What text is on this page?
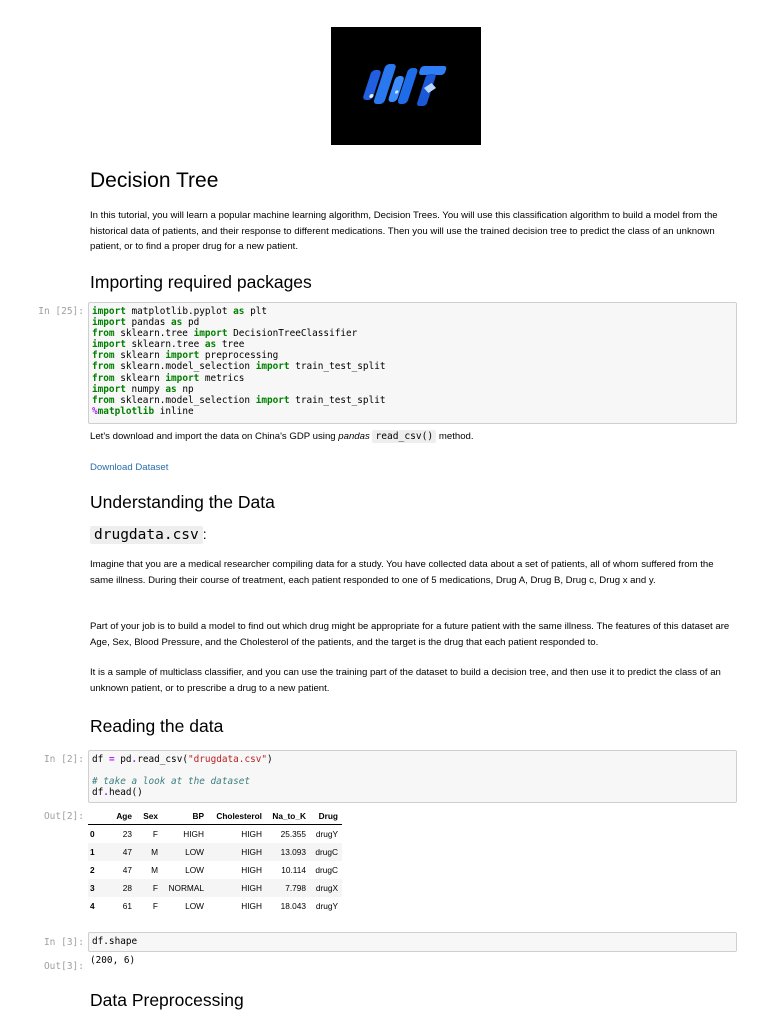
Decision Tree
In this tutorial, you will learn a popular machine learning algorithm, Decision Trees. You will use this classification algorithm to build a model from the historical data of patients, and their response to different medications. Then you will use the trained decision tree to predict the class of an unknown patient, or to find a proper drug for a new patient.
Importing required packages
In [25]: import matplotlib.pyplot as plt
import pandas as pd
from sklearn.tree import DecisionTreeClassifier
import sklearn.tree as tree
from sklearn import preprocessing
from sklearn.model_selection import train_test_split
from sklearn import metrics
import numpy as np
from sklearn.model_selection import train_test_split
%matplotlib inline
Let's download and import the data on China's GDP using pandas read_csv() method.
Download Dataset
Understanding the Data
drugdata.csv :
Imagine that you are a medical researcher compiling data for a study. You have collected data about a set of patients, all of whom suffered from the same illness. During their course of treatment, each patient responded to one of 5 medications, Drug A, Drug B, Drug c, Drug x and y.
Part of your job is to build a model to find out which drug might be appropriate for a future patient with the same illness. The features of this dataset are Age, Sex, Blood Pressure, and the Cholesterol of the patients, and the target is the drug that each patient responded to.
It is a sample of multiclass classifier, and you can use the training part of the dataset to build a decision tree, and then use it to predict the class of an unknown patient, or to prescribe a drug to a new patient.
Reading the data
In [2]: df = pd.read_csv("drugdata.csv")

# take a look at the dataset
df.head()
Out[2]:
		Age	Sex	BP	Cholesterol	Na_to_K	Drug
0	23	F	HIGH	HIGH	25.355	drugY
1	47	M	LOW	HIGH	13.093	drugC
2	47	M	LOW	HIGH	10.114	drugC
3	28	F	NORMAL	HIGH	7.798	drugX
4	61	F	LOW	HIGH	18.043	drugY
In [3]: df.shape
Out[3]:
(200, 6)
Data Preprocessing
